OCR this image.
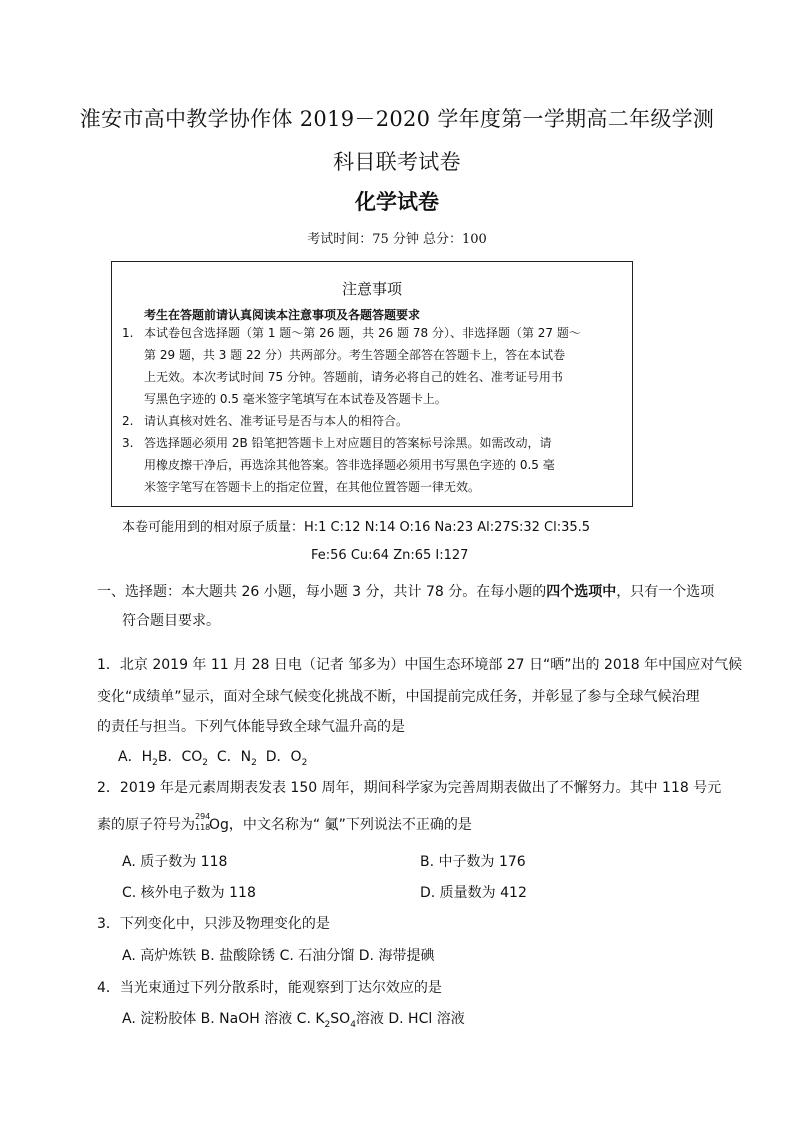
淮安市高中教学协作体 2019－2020 学年度第一学期高二年级学测
科目联考试卷
化学试卷
考试时间：75 分钟 总分：100
注意事项
考生在答题前请认真阅读本注意事项及各题答题要求
1. 本试卷包含选择题（第 1 题～第 26 题，共 26 题 78 分）、非选择题（第 27 题～
第 29 题，共 3 题 22 分）共两部分。考生答题全部答在答题卡上，答在本试卷
上无效。本次考试时间 75 分钟。答题前，请务必将自己的姓名、准考证号用书
写黑色字迹的 0.5 毫米签字笔填写在本试卷及答题卡上。
2. 请认真核对姓名、准考证号是否与本人的相符合。
3. 答选择题必须用 2B 铅笔把答题卡上对应题目的答案标号涂黑。如需改动，请
用橡皮擦干净后，再选涂其他答案。答非选择题必须用书写黑色字迹的 0.5 毫
米签字笔写在答题卡上的指定位置，在其他位置答题一律无效。
本卷可能用到的相对原子质量：H:1 C:12 N:14 O:16 Na:23 Al:27S:32 Cl:35.5
Fe:56 Cu:64 Zn:65 I:127
一、选择题：本大题共 26 小题，每小题 3 分，共计 78 分。在每小题的四个选项中，只有一个选项
符合题目要求。
1．北京 2019 年 11 月 28 日电（记者 邹多为）中国生态环境部 27 日“晒”出的 2018 年中国应对气候
变化“成绩单”显示，面对全球气候变化挑战不断，中国提前完成任务，并彰显了参与全球气候治理
的责任与担当。下列气体能导致全球气温升高的是
A．$H_2B$．$CO_2$ C．$N_2$ D．$O_2$
2．2019 年是元素周期表发表 150 周年，期间科学家为完善周期表做出了不懈努力。其中 118 号元
素的原子符号为
294
118
Og，中文名称为“ 鿫”下列说法不正确的是
A. 质子数为 118	B. 中子数为 176
C. 核外电子数为 118	D. 质量数为 412
3．下列变化中，只涉及物理变化的是
A. 高炉炼铁 B. 盐酸除锈 C. 石油分馏 D. 海带提碘
4．当光束通过下列分散系时，能观察到丁达尔效应的是
A. 淀粉胶体 B. NaOH 溶液 C. $K_2SO_4$溶液 D. HCl 溶液
